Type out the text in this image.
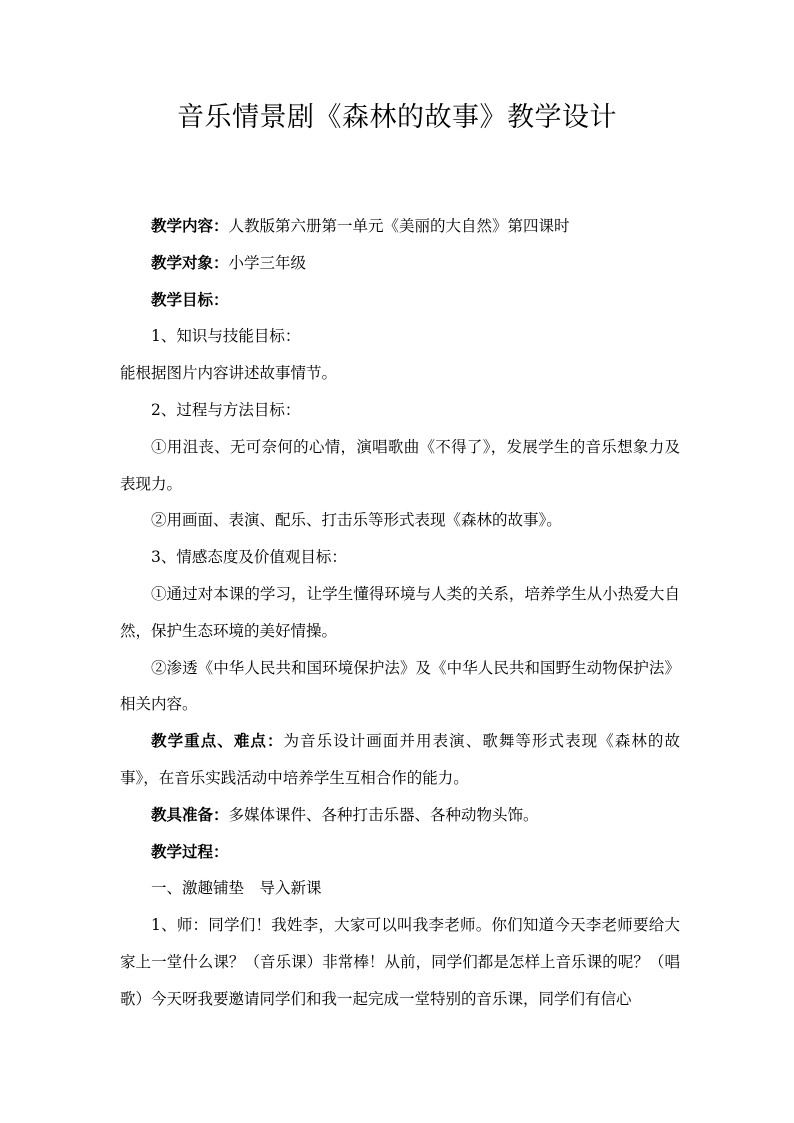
音乐情景剧《森林的故事》教学设计

教学内容：人教版第六册第一单元《美丽的大自然》第四课时

教学对象：小学三年级

教学目标：

1、知识与技能目标：

能根据图片内容讲述故事情节。

2、过程与方法目标：

①用沮丧、无可奈何的心情，演唱歌曲《不得了》，发展学生的音乐想象力及表现力。

②用画面、表演、配乐、打击乐等形式表现《森林的故事》。

3、情感态度及价值观目标：

①通过对本课的学习，让学生懂得环境与人类的关系，培养学生从小热爱大自然，保护生态环境的美好情操。

②渗透《中华人民共和国环境保护法》及《中华人民共和国野生动物保护法》相关内容。

教学重点、难点：为音乐设计画面并用表演、歌舞等形式表现《森林的故事》，在音乐实践活动中培养学生互相合作的能力。

教具准备：多媒体课件、各种打击乐器、各种动物头饰。

教学过程：

一、激趣铺垫　导入新课

1、师：同学们！我姓李，大家可以叫我李老师。你们知道今天李老师要给大家上一堂什么课？（音乐课）非常棒！从前，同学们都是怎样上音乐课的呢？（唱歌）今天呀我要邀请同学们和我一起完成一堂特别的音乐课，同学们有信心
